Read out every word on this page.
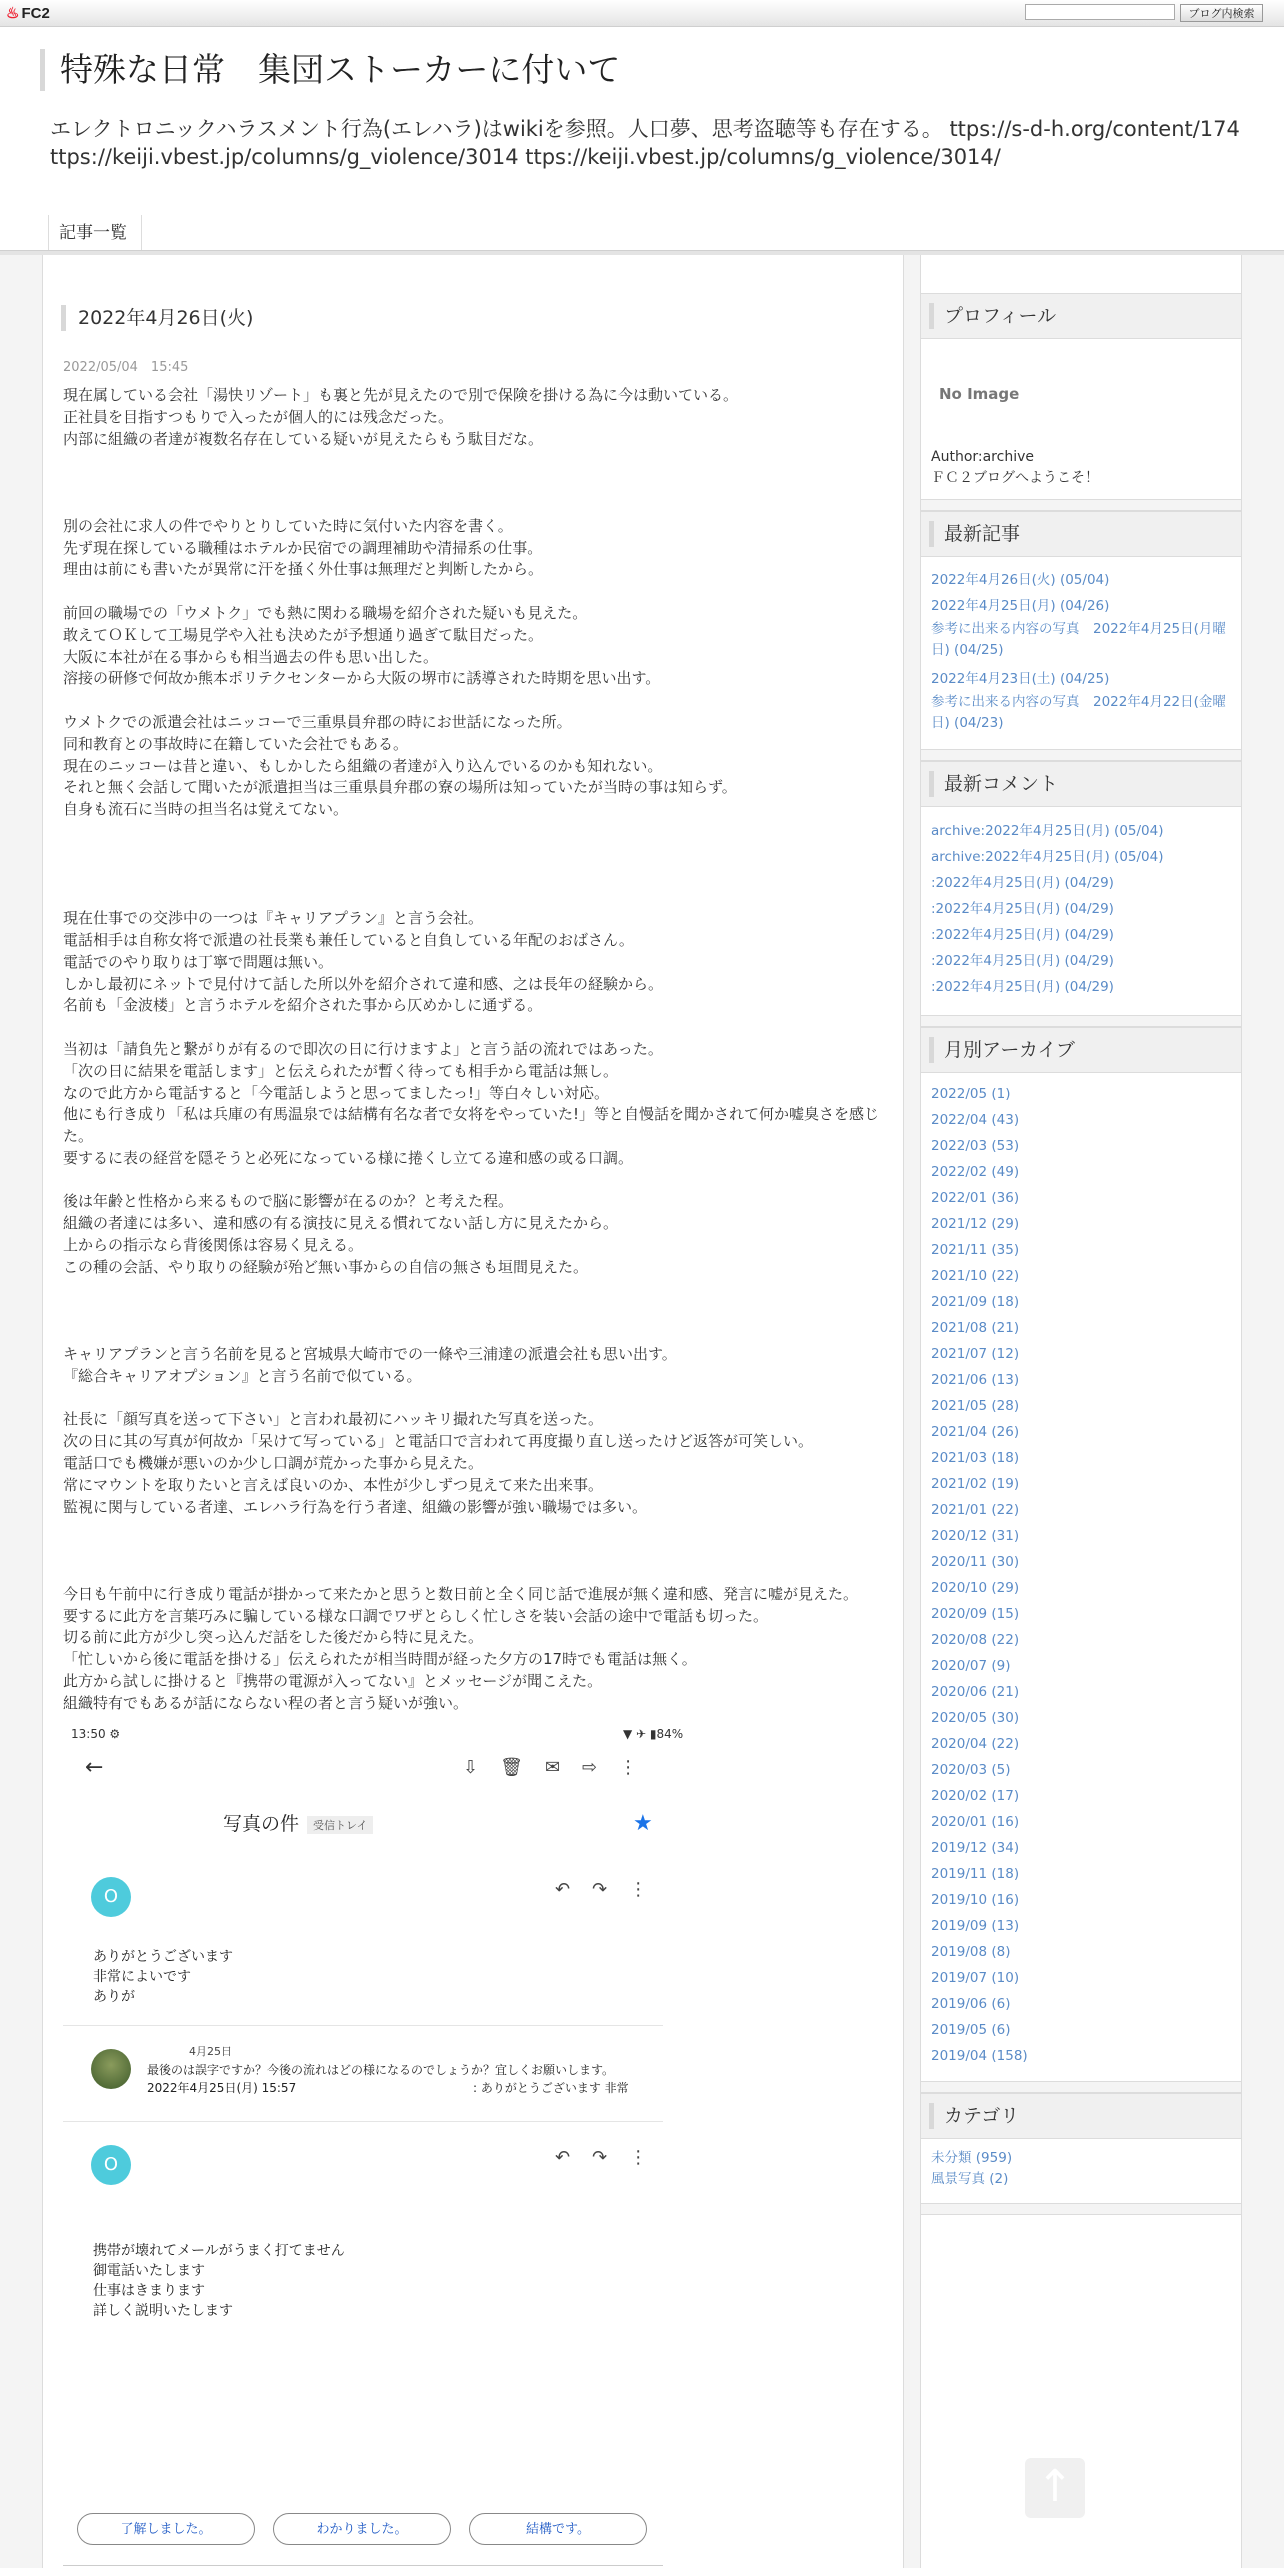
♨ FC2	ブログ内検索
特殊な日常　集団ストーカーに付いて
エレクトロニックハラスメント行為(エレハラ)はwikiを参照。人口夢、思考盗聴等も存在する。 ttps://s-d-h.org/content/174
ttps://keiji.vbest.jp/columns/g_violence/3014 ttps://keiji.vbest.jp/columns/g_violence/3014/
記事一覧
2022年4月26日(火)
2022/05/04　15:45

現在属している会社「湯快リゾート」も裏と先が見えたので別で保険を掛ける為に今は動いている。
正社員を目指すつもりで入ったが個人的には残念だった。
内部に組織の者達が複数名存在している疑いが見えたらもう駄目だな。

別の会社に求人の件でやりとりしていた時に気付いた内容を書く。
先ず現在探している職種はホテルか民宿での調理補助や清掃系の仕事。
理由は前にも書いたが異常に汗を掻く外仕事は無理だと判断したから。

前回の職場での「ウメトク」でも熱に関わる職場を紹介された疑いも見えた。
敢えてＯＫして工場見学や入社も決めたが予想通り過ぎて駄目だった。
大阪に本社が在る事からも相当過去の件も思い出した。
溶接の研修で何故か熊本ポリテクセンターから大阪の堺市に誘導された時期を思い出す。

ウメトクでの派遣会社はニッコーで三重県員弁郡の時にお世話になった所。
同和教育との事故時に在籍していた会社でもある。
現在のニッコーは昔と違い、もしかしたら組織の者達が入り込んでいるのかも知れない。
それと無く会話して聞いたが派遣担当は三重県員弁郡の寮の場所は知っていたが当時の事は知らず。
自身も流石に当時の担当名は覚えてない。

現在仕事での交渉中の一つは『キャリアプラン』と言う会社。
電話相手は自称女将で派遣の社長業も兼任していると自負している年配のおばさん。
電話でのやり取りは丁寧で問題は無い。
しかし最初にネットで見付けて話した所以外を紹介されて違和感、之は長年の経験から。
名前も「金波楼」と言うホテルを紹介された事から仄めかしに通ずる。

当初は「請負先と繋がりが有るので即次の日に行けますよ」と言う話の流れではあった。
「次の日に結果を電話します」と伝えられたが暫く待っても相手から電話は無し。
なので此方から電話すると「今電話しようと思ってましたっ!」等白々しい対応。
他にも行き成り「私は兵庫の有馬温泉では結構有名な者で女将をやっていた!」等と自慢話を聞かされて何か嘘臭さを感じた。
要するに表の経営を隠そうと必死になっている様に捲くし立てる違和感の或る口調。

後は年齢と性格から来るもので脳に影響が在るのか？と考えた程。
組織の者達には多い、違和感の有る演技に見える慣れてない話し方に見えたから。
上からの指示なら背後関係は容易く見える。
この種の会話、やり取りの経験が殆ど無い事からの自信の無さも垣間見えた。

キャリアプランと言う名前を見ると宮城県大崎市での一條や三浦達の派遣会社も思い出す。
『総合キャリアオプション』と言う名前で似ている。

社長に「顔写真を送って下さい」と言われ最初にハッキリ撮れた写真を送った。
次の日に其の写真が何故か「呆けて写っている」と電話口で言われて再度撮り直し送ったけど返答が可笑しい。
電話口でも機嫌が悪いのか少し口調が荒かった事から見えた。
常にマウントを取りたいと言えば良いのか、本性が少しずつ見えて来た出来事。
監視に関与している者達、エレハラ行為を行う者達、組織の影響が強い職場では多い。

今日も午前中に行き成り電話が掛かって来たかと思うと数日前と全く同じ話で進展が無く違和感、発言に嘘が見えた。
要するに此方を言葉巧みに騙している様な口調でワザとらしく忙しさを装い会話の途中で電話も切った。
切る前に此方が少し突っ込んだ話をした後だから特に見えた。
「忙しいから後に電話を掛ける」伝えられたが相当時間が経った夕方の17時でも電話は無く。
此方から試しに掛けると『携帯の電源が入ってない』とメッセージが聞こえた。
組織特有でもあるが話にならない程の者と言う疑いが強い。

13:50 ⚙	▼ ✈ ▮84%
←	⇩ 🗑 ✉ ⇨ ⋮
写真の件 受信トレイ	★
O	↶ ↷ ⋮
ありがとうございます
非常によいです
ありが
4月25日
最後のは誤字ですか？今後の流れはどの様になるのでしょうか？宜しくお願いします。
2022年4月25日(月) 15:57	: ありがとうございます 非常
O	↶ ↷ ⋮
携帯が壊れてメールがうまく打てません
御電話いたします
仕事はきまります
詳しく説明いたします
了解しました。	わかりました。	結構です。
プロフィール
No Image
Author:archive
ＦＣ２ブログへようこそ！
最新記事
2022年4月26日(火) (05/04)
2022年4月25日(月) (04/26)
参考に出来る内容の写真　2022年4月25日(月曜日) (04/25)
2022年4月23日(土) (04/25)
参考に出来る内容の写真　2022年4月22日(金曜日) (04/23)
最新コメント
archive:2022年4月25日(月) (05/04)
archive:2022年4月25日(月) (05/04)
:2022年4月25日(月) (04/29)
:2022年4月25日(月) (04/29)
:2022年4月25日(月) (04/29)
:2022年4月25日(月) (04/29)
:2022年4月25日(月) (04/29)
月別アーカイブ
2022/05 (1)
2022/04 (43)
2022/03 (53)
2022/02 (49)
2022/01 (36)
2021/12 (29)
2021/11 (35)
2021/10 (22)
2021/09 (18)
2021/08 (21)
2021/07 (12)
2021/06 (13)
2021/05 (28)
2021/04 (26)
2021/03 (18)
2021/02 (19)
2021/01 (22)
2020/12 (31)
2020/11 (30)
2020/10 (29)
2020/09 (15)
2020/08 (22)
2020/07 (9)
2020/06 (21)
2020/05 (30)
2020/04 (22)
2020/03 (5)
2020/02 (17)
2020/01 (16)
2019/12 (34)
2019/11 (18)
2019/10 (16)
2019/09 (13)
2019/08 (8)
2019/07 (10)
2019/06 (6)
2019/05 (6)
2019/04 (158)
カテゴリ
未分類 (959)
風景写真 (2)
↑
